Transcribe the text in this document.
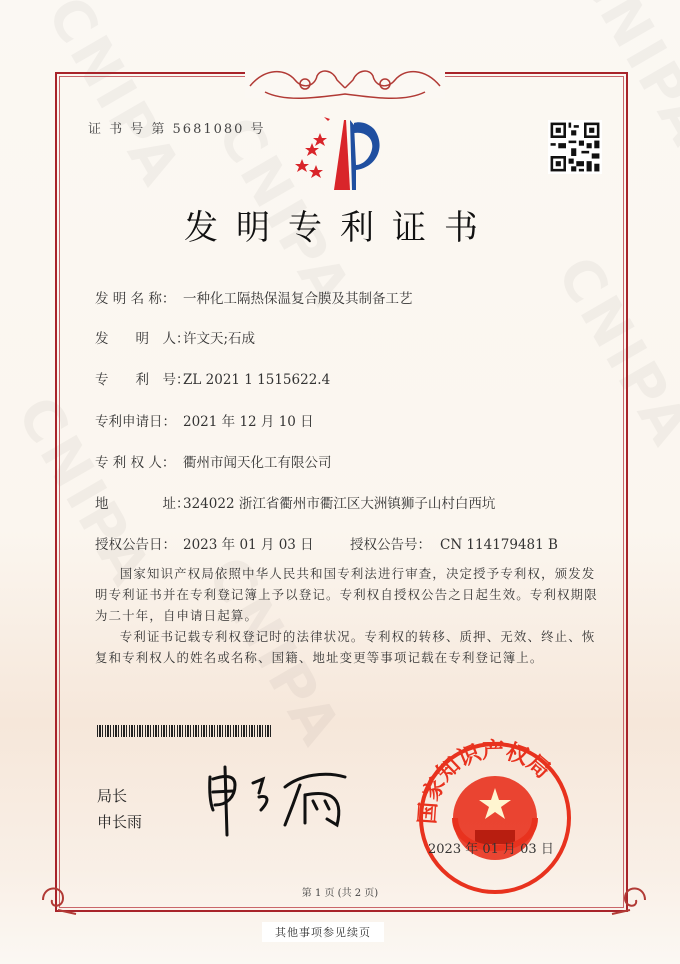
证 书 号 第 5681080 号
发明专利证书
发 明 名 称： 一种化工隔热保温复合膜及其制备工艺
发　　明　人：许文天;石成
专　　利　号：ZL 2021 1 1515622.4
专利申请日： 2021 年 12 月 10 日
专 利 权 人： 衢州市闻天化工有限公司
地　　　　址：324022 浙江省衢州市衢江区大洲镇狮子山村白西坑
授权公告日： 2023 年 01 月 03 日	授权公告号： CN 114179481 B
国家知识产权局依照中华人民共和国专利法进行审查，决定授予专利权，颁发发明专利证书并在专利登记簿上予以登记。专利权自授权公告之日起生效。专利权期限为二十年，自申请日起算。
专利证书记载专利权登记时的法律状况。专利权的转移、质押、无效、终止、恢复和专利权人的姓名或名称、国籍、地址变更等事项记载在专利登记簿上。
局长
申长雨	国家知识产权局
2023 年 01 月 03 日
第 1 页 (共 2 页)
其他事项参见续页
